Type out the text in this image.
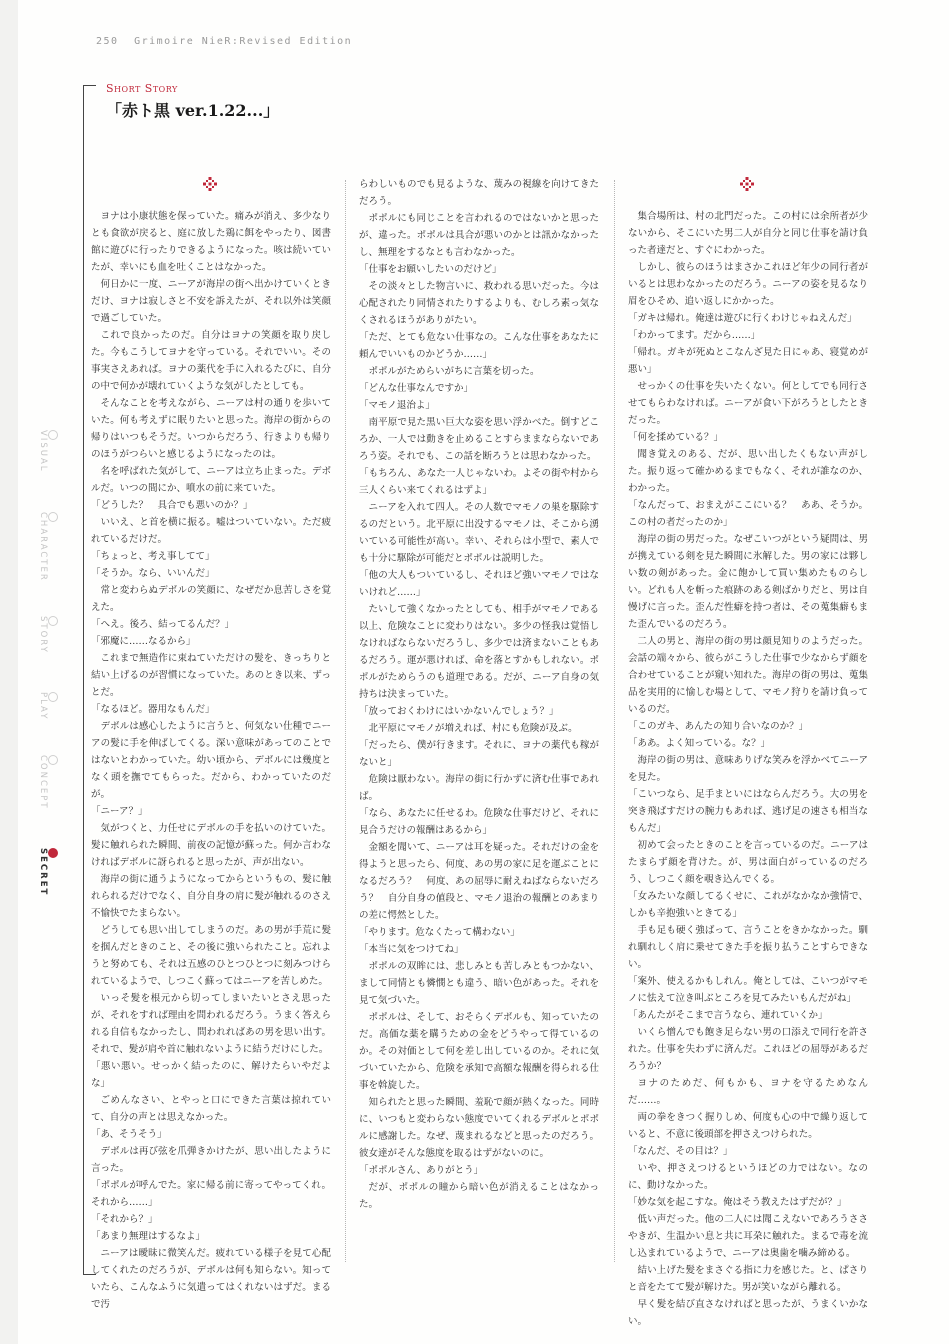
250 Grimoire NieR:Revised Edition
VISUAL
CHARACTER
STORY
PLAY
CONCEPT
SECRET
Short Story
「赤ト黒 ver.1.22...」

ヨナは小康状態を保っていた。痛みが消え、多少なりとも食欲が戻ると、庭に放した鶏に餌をやったり、図書館に遊びに行ったりできるようになった。咳は続いていたが、幸いにも血を吐くことはなかった。

何日かに一度、ニーアが海岸の街へ出かけていくときだけ、ヨナは寂しさと不安を訴えたが、それ以外は笑顔で過ごしていた。

これで良かったのだ。自分はヨナの笑顔を取り戻した。今もこうしてヨナを守っている。それでいい。その事実さえあれば。ヨナの薬代を手に入れるたびに、自分の中で何かが壊れていくような気がしたとしても。

そんなことを考えながら、ニーアは村の通りを歩いていた。何も考えずに眠りたいと思った。海岸の街からの帰りはいつもそうだ。いつからだろう、行きよりも帰りのほうがつらいと感じるようになったのは。

名を呼ばれた気がして、ニーアは立ち止まった。デボルだ。いつの間にか、噴水の前に来ていた。

「どうした？　具合でも悪いのか？」

いいえ、と首を横に振る。嘘はついていない。ただ疲れているだけだ。

「ちょっと、考え事してて」

「そうか。なら、いいんだ」

常と変わらぬデボルの笑顔に、なぜだか息苦しさを覚えた。

「へえ。後ろ、結ってるんだ？」

「邪魔に……なるから」

これまで無造作に束ねていただけの髪を、きっちりと結い上げるのが習慣になっていた。あのとき以来、ずっとだ。

「なるほど。器用なもんだ」

デボルは感心したように言うと、何気ない仕種でニーアの髪に手を伸ばしてくる。深い意味があってのことではないとわかっていた。幼い頃から、デボルには幾度となく頭を撫でてもらった。だから、わかっていたのだが。

「ニーア？」

気がつくと、力任せにデボルの手を払いのけていた。髪に触れられた瞬間、前夜の記憶が蘇った。何か言わなければデボルに訝られると思ったが、声が出ない。

海岸の街に通うようになってからというもの、髪に触れられるだけでなく、自分自身の肩に髪が触れるのさえ不愉快でたまらない。

どうしても思い出してしまうのだ。あの男が手荒に髪を掴んだときのこと、その後に強いられたこと。忘れようと努めても、それは五感のひとつひとつに刻みつけられているようで、しつこく蘇ってはニーアを苦しめた。

いっそ髪を根元から切ってしまいたいとさえ思ったが、それをすれば理由を問われるだろう。うまく答えられる自信もなかったし、問われればあの男を思い出す。それで、髪が肩や首に触れないように結うだけにした。

「悪い悪い。せっかく結ったのに、解けたらいやだよな」

ごめんなさい、とやっと口にできた言葉は掠れていて、自分の声とは思えなかった。

「あ、そうそう」

デボルは再び弦を爪弾きかけたが、思い出したように言った。

「ポポルが呼んでた。家に帰る前に寄ってやってくれ。それから……」

「それから？」

「あまり無理はするなよ」

ニーアは曖昧に微笑んだ。疲れている様子を見て心配してくれたのだろうが、デボルは何も知らない。知っていたら、こんなふうに気遣ってはくれないはずだ。まるで汚

らわしいものでも見るような、蔑みの視線を向けてきただろう。

ポポルにも同じことを言われるのではないかと思ったが、違った。ポポルは具合が悪いのかとは訊かなかったし、無理をするなとも言わなかった。

「仕事をお願いしたいのだけど」

その淡々とした物言いに、救われる思いだった。今は心配されたり同情されたりするよりも、むしろ素っ気なくされるほうがありがたい。

「ただ、とても危ない仕事なの。こんな仕事をあなたに頼んでいいものかどうか……」

ポポルがためらいがちに言葉を切った。

「どんな仕事なんですか」

「マモノ退治よ」

南平原で見た黒い巨大な姿を思い浮かべた。倒すどころか、一人では動きを止めることすらままならないであろう姿。それでも、この話を断ろうとは思わなかった。

「もちろん、あなた一人じゃないわ。よその街や村から三人くらい来てくれるはずよ」

ニーアを入れて四人。その人数でマモノの巣を駆除するのだという。北平原に出没するマモノは、そこから湧いている可能性が高い。幸い、それらは小型で、素人でも十分に駆除が可能だとポポルは説明した。

「他の大人もついているし、それほど強いマモノではないけれど……」

たいして強くなかったとしても、相手がマモノである以上、危険なことに変わりはない。多少の怪我は覚悟しなければならないだろうし、多少では済まないこともあるだろう。運が悪ければ、命を落とすかもしれない。ポポルがためらうのも道理である。だが、ニーア自身の気持ちは決まっていた。

「放っておくわけにはいかないんでしょう？」

北平原にマモノが増えれば、村にも危険が及ぶ。

「だったら、僕が行きます。それに、ヨナの薬代も稼がないと」

危険は厭わない。海岸の街に行かずに済む仕事であれば。

「なら、あなたに任せるわ。危険な仕事だけど、それに見合うだけの報酬はあるから」

金額を聞いて、ニーアは耳を疑った。それだけの金を得ようと思ったら、何度、あの男の家に足を運ぶことになるだろう？　何度、あの屈辱に耐えねばならないだろう？　自分自身の値段と、マモノ退治の報酬とのあまりの差に愕然とした。

「やります。危なくたって構わない」

「本当に気をつけてね」

ポポルの双眸には、悲しみとも苦しみともつかない、まして同情とも憐憫とも違う、暗い色があった。それを見て気づいた。

ポポルは、そして、おそらくデボルも、知っていたのだ。高価な薬を購うための金をどうやって得ているのか。その対価として何を差し出しているのか。それに気づいていたから、危険を承知で高額な報酬を得られる仕事を斡旋した。

知られたと思った瞬間、羞恥で顔が熱くなった。同時に、いつもと変わらない態度でいてくれるデボルとポポルに感謝した。なぜ、蔑まれるなどと思ったのだろう。彼女達がそんな態度を取るはずがないのに。

「ポポルさん、ありがとう」

だが、ポポルの瞳から暗い色が消えることはなかった。

集合場所は、村の北門だった。この村には余所者が少ないから、そこにいた男二人が自分と同じ仕事を請け負った者達だと、すぐにわかった。

しかし、彼らのほうはまさかこれほど年少の同行者がいるとは思わなかったのだろう。ニーアの姿を見るなり眉をひそめ、追い返しにかかった。

「ガキは帰れ。俺達は遊びに行くわけじゃねえんだ」

「わかってます。だから……」

「帰れ。ガキが死ぬとこなんざ見た日にゃあ、寝覚めが悪い」

せっかくの仕事を失いたくない。何としてでも同行させてもらわなければ。ニーアが食い下がろうとしたときだった。

「何を揉めている？」

聞き覚えのある、だが、思い出したくもない声がした。振り返って確かめるまでもなく、それが誰なのか、わかった。

「なんだって、おまえがここにいる？　ああ、そうか。この村の者だったのか」

海岸の街の男だった。なぜこいつがという疑問は、男が携えている剣を見た瞬間に氷解した。男の家には夥しい数の剣があった。金に飽かして買い集めたものらしい。どれも人を斬った痕跡のある剣ばかりだと、男は自慢げに言った。歪んだ性癖を持つ者は、その蒐集癖もまた歪んでいるのだろう。

二人の男と、海岸の街の男は顔見知りのようだった。会話の端々から、彼らがこうした仕事で少なからず顔を合わせていることが窺い知れた。海岸の街の男は、蒐集品を実用的に愉しむ場として、マモノ狩りを請け負っているのだ。

「このガキ、あんたの知り合いなのか？」

「ああ。よく知っている。な？」

海岸の街の男は、意味ありげな笑みを浮かべてニーアを見た。

「こいつなら、足手まといにはならんだろう。大の男を突き飛ばすだけの腕力もあれば、逃げ足の速さも相当なもんだ」

初めて会ったときのことを言っているのだ。ニーアはたまらず顔を背けた。が、男は面白がっているのだろう、しつこく顔を覗き込んでくる。

「女みたいな顔してるくせに、これがなかなか強情で、しかも辛抱強いときてる」

手も足も硬く強ばって、言うことをきかなかった。馴れ馴れしく肩に乗せてきた手を振り払うことすらできない。

「案外、使えるかもしれん。俺としては、こいつがマモノに怯えて泣き叫ぶところを見てみたいもんだがね」

「あんたがそこまで言うなら、連れていくか」

いくら憎んでも飽き足らない男の口添えで同行を許された。仕事を失わずに済んだ。これほどの屈辱があるだろうか？

ヨナのためだ、何もかも、ヨナを守るためなんだ……。

両の拳をきつく握りしめ、何度も心の中で繰り返していると、不意に後頭部を押さえつけられた。

「なんだ、その目は？」

いや、押さえつけるというほどの力ではない。なのに、動けなかった。

「妙な気を起こすな。俺はそう教えたはずだが？」

低い声だった。他の二人には聞こえないであろうささやきが、生温かい息と共に耳朶に触れた。まるで毒を流し込まれているようで、ニーアは奥歯を噛み締める。

結い上げた髪をまさぐる指に力を感じた。と、ぱさりと音をたてて髪が解けた。男が笑いながら離れる。

早く髪を結び直さなければと思ったが、うまくいかない。
